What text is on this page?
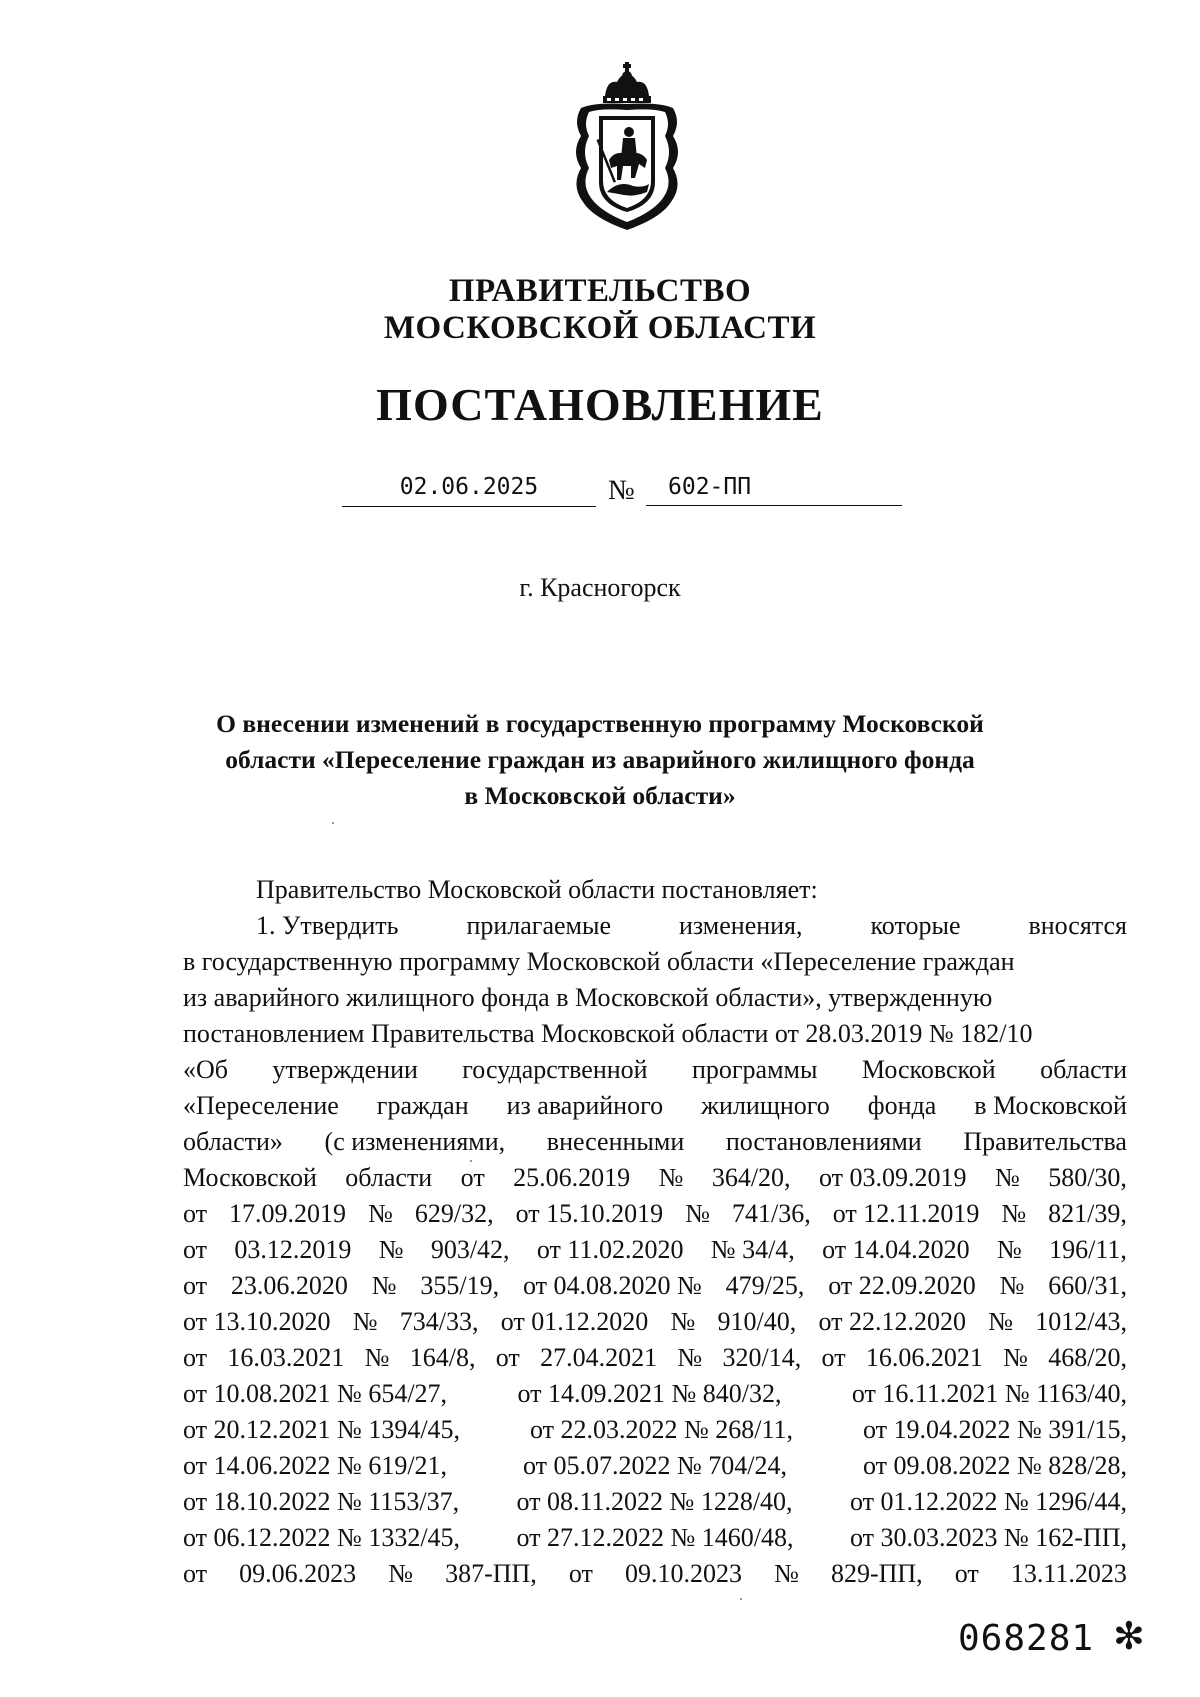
ПРАВИТЕЛЬСТВО
МОСКОВСКОЙ ОБЛАСТИ
ПОСТАНОВЛЕНИЕ
02.06.2025	№	602-ПП
г. Красногорск
О внесении изменений в государственную программу Московской
области «Переселение граждан из аварийного жилищного фонда
в Московской области»
Правительство Московской области постановляет:
1. Утвердить	прилагаемые	изменения,	которые	вносятся
в государственную программу Московской области «Переселение граждан
из аварийного жилищного фонда в Московской области», утвержденную
постановлением Правительства Московской области от 28.03.2019 № 182/10
«Об утверждении государственной программы Московской области
«Переселение граждан из аварийного жилищного фонда в Московской
области» (с изменениями, внесенными постановлениями Правительства
Московской области от 25.06.2019 № 364/20, от 03.09.2019 № 580/30,
от 17.09.2019 № 629/32, от 15.10.2019 № 741/36, от 12.11.2019 № 821/39,
от 03.12.2019 № 903/42, от 11.02.2020 № 34/4, от 14.04.2020 № 196/11,
от 23.06.2020 № 355/19, от 04.08.2020 № 479/25, от 22.09.2020 № 660/31,
от 13.10.2020 № 734/33, от 01.12.2020 № 910/40, от 22.12.2020 № 1012/43,
от 16.03.2021 № 164/8, от 27.04.2021 № 320/14, от 16.06.2021 № 468/20,
от 10.08.2021 № 654/27,	от 14.09.2021 № 840/32,	от 16.11.2021 № 1163/40,
от 20.12.2021 № 1394/45,	от 22.03.2022 № 268/11,	от 19.04.2022 № 391/15,
от 14.06.2022 № 619/21,	от 05.07.2022 № 704/24,	от 09.08.2022 № 828/28,
от 18.10.2022 № 1153/37, от 08.11.2022 № 1228/40, от 01.12.2022 № 1296/44,
от 06.12.2022 № 1332/45, от 27.12.2022 № 1460/48, от 30.03.2023 № 162-ПП,
от 09.06.2023 № 387-ПП, от 09.10.2023 № 829-ПП, от 13.11.2023
068281 ✻
